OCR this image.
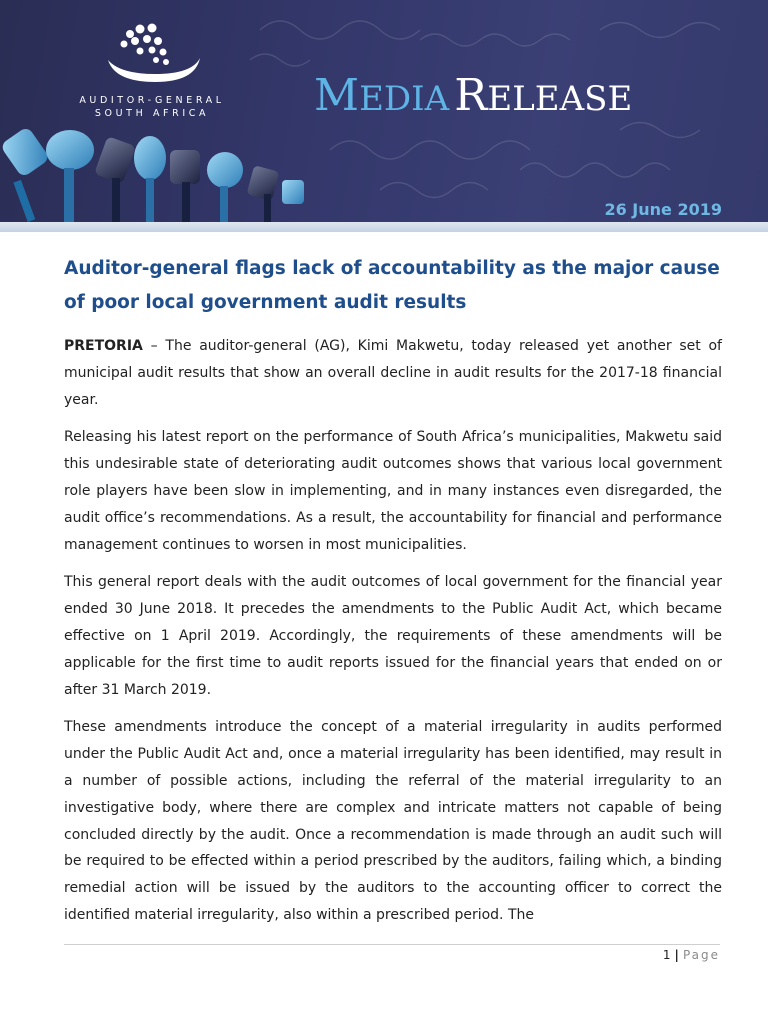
AUDITOR-GENERAL
SOUTH AFRICA	MEDIA RELEASE
26 June 2019
Auditor-general flags lack of accountability as the major cause of poor local government audit results

PRETORIA – The auditor-general (AG), Kimi Makwetu, today released yet another set of municipal audit results that show an overall decline in audit results for the 2017-18 financial year.

Releasing his latest report on the performance of South Africa’s municipalities, Makwetu said this undesirable state of deteriorating audit outcomes shows that various local government role players have been slow in implementing, and in many instances even disregarded, the audit office’s recommendations. As a result, the accountability for financial and performance management continues to worsen in most municipalities.

This general report deals with the audit outcomes of local government for the financial year ended 30 June 2018. It precedes the amendments to the Public Audit Act, which became effective on 1 April 2019. Accordingly, the requirements of these amendments will be applicable for the first time to audit reports issued for the financial years that ended on or after 31 March 2019.

These amendments introduce the concept of a material irregularity in audits performed under the Public Audit Act and, once a material irregularity has been identified, may result in a number of possible actions, including the referral of the material irregularity to an investigative body, where there are complex and intricate matters not capable of being concluded directly by the audit. Once a recommendation is made through an audit such will be required to be effected within a period prescribed by the auditors, failing which, a binding remedial action will be issued by the auditors to the accounting officer to correct the identified material irregularity, also within a prescribed period. The

1 | Page
